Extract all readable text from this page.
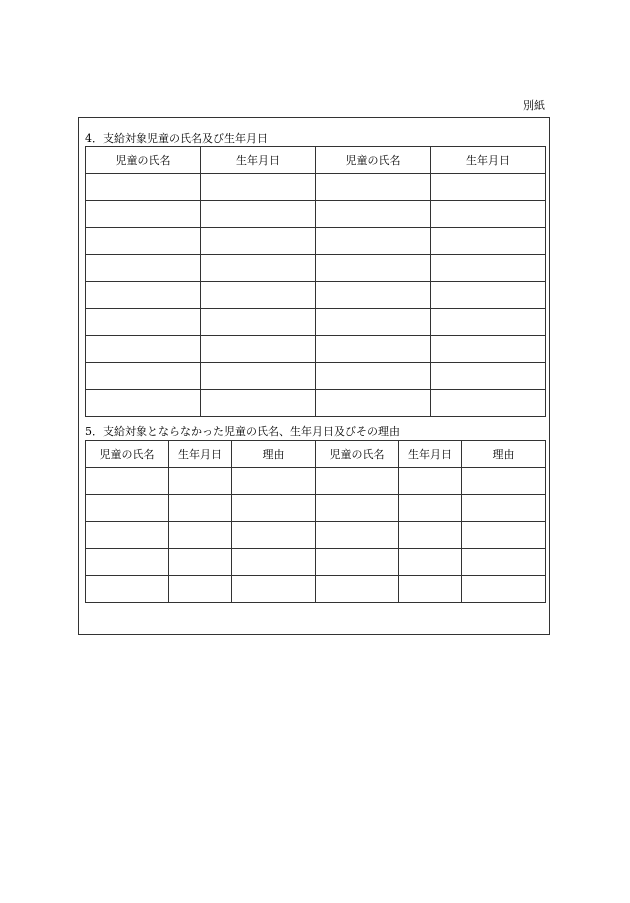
別紙
4．支給対象児童の氏名及び生年月日
児童の氏名	生年月日	児童の氏名	生年月日

5．支給対象とならなかった児童の氏名、生年月日及びその理由
児童の氏名	生年月日	理由	児童の氏名	生年月日	理由
